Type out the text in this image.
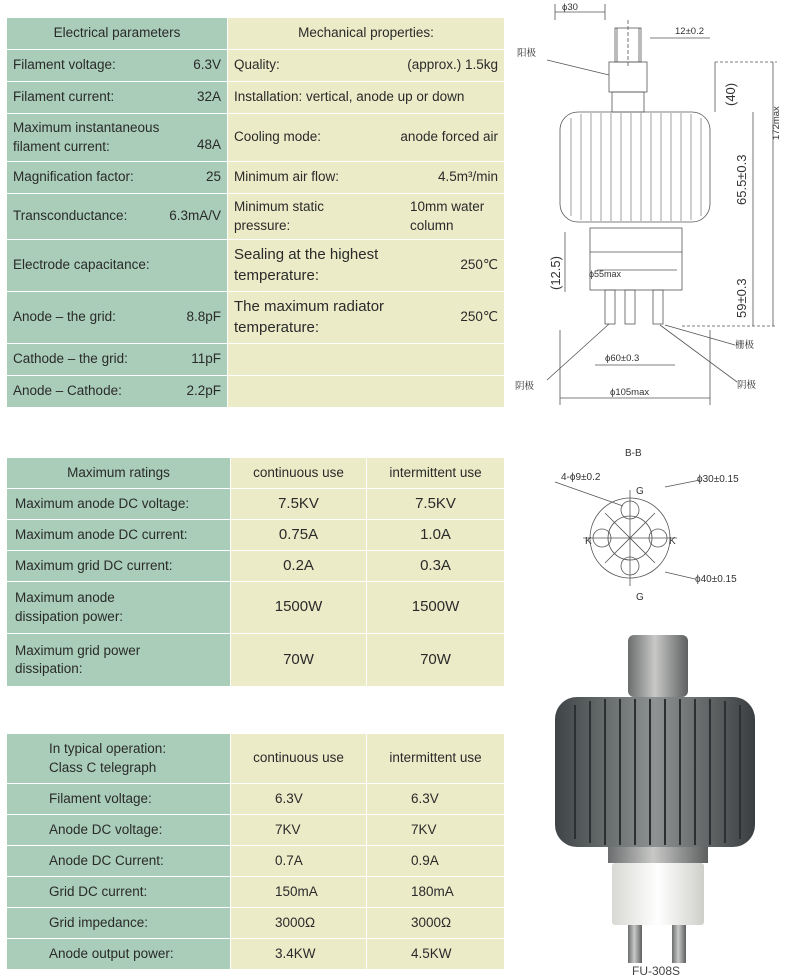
Electrical parameters	Mechanical properties:

Filament voltage: 6.3V	Quality: (approx.) 1.5kg

Filament current: 32A	Installation: vertical, anode up or down

Maximum instantaneous filament current: 48A	Cooling mode: anode forced air

Magnification factor: 25	Minimum air flow: 4.5m³/min

Transconductance: 6.3mA/V	Minimum static pressure:
10mm water column

Electrode capacitance:	Sealing at the highest temperature:
250℃

Anode – the grid: 8.8pF	The maximum radiator temperature:
250℃

Cathode – the grid: 11pF	

Anode – Cathode: 2.2pF	

Maximum ratings	continuous use	intermittent use
Maximum anode DC voltage:	7.5KV	7.5KV
Maximum anode DC current:	0.75A	1.0A
Maximum grid DC current:	0.2A	0.3A
Maximum anode dissipation power:	1500W	1500W
Maximum grid power dissipation:	70W	70W
In typical operation: Class C telegraph	continuous use	intermittent use
Filament voltage:	6.3V	6.3V
Anode DC voltage:	7KV	7KV
Anode DC Current:	0.7A	0.9A
Grid DC current:	150mA	180mA
Grid impedance:	3000Ω	3000Ω
Anode output power:	3.4KW	4.5KW
ϕ30
12±0.2
172max
ϕ55max
ϕ60±0.3
ϕ105max
阳极
栅极
阴极	阴极
(40)
65.5±0.3
(12.5)
59±0.3
B-B
4-ϕ9±0.2	ϕ30±0.15
ϕ40±0.15
G
G
K	K
FU-308S
